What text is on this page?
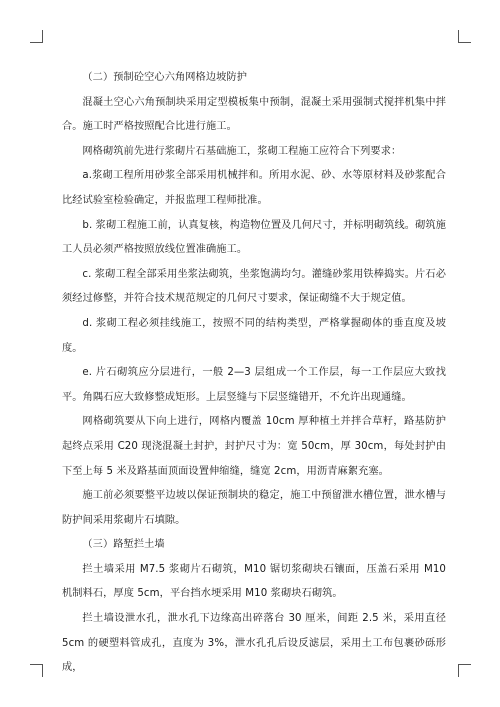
（二）预制砼空心六角网格边坡防护

混凝土空心六角预制块采用定型模板集中预制，混凝土采用强制式搅拌机集中拌合。施工时严格按照配合比进行施工。

网格砌筑前先进行浆砌片石基础施工，浆砌工程施工应符合下列要求：

a.浆砌工程所用砂浆全部采用机械拌和。所用水泥、砂、水等原材料及砂浆配合比经试验室检验确定，并报监理工程师批准。

b. 浆砌工程施工前，认真复核，构造物位置及几何尺寸，并标明砌筑线。砌筑施工人员必须严格按照放线位置准确施工。

c. 浆砌工程全部采用坐浆法砌筑，坐浆饱满均匀。灌缝砂浆用铁棒捣实。片石必须经过修整，并符合技术规范规定的几何尺寸要求，保证砌缝不大于规定值。

d. 浆砌工程必须挂线施工，按照不同的结构类型，严格掌握砌体的垂直度及坡度。

e. 片石砌筑应分层进行，一般 2—3 层组成一个工作层，每一工作层应大致找平。角隅石应大致修整成矩形。上层竖缝与下层竖缝错开，不允许出现通缝。

网格砌筑要从下向上进行，网格内覆盖 10cm 厚种植土并拌合草籽，路基防护起终点采用 C20 现浇混凝土封护，封护尺寸为：宽 50cm，厚 30cm，每处封护由下至上每 5 米及路基面顶面设置伸缩缝，缝宽 2cm，用沥青麻絮充塞。

施工前必须要整平边坡以保证预制块的稳定，施工中预留泄水槽位置，泄水槽与防护间采用浆砌片石填隙。

（三）路堑拦土墙

拦土墙采用 M7.5 浆砌片石砌筑，M10 锯切浆砌块石镶面，压盖石采用 M10 机制料石，厚度 5cm，平台挡水埂采用 M10 浆砌块石砌筑。

拦土墙设泄水孔，泄水孔下边缘高出碎落台 30 厘米，间距 2.5 米，采用直径 5cm 的硬塑料管成孔，直度为 3%，泄水孔孔后设反滤层，采用土工布包裹砂砾形成，
